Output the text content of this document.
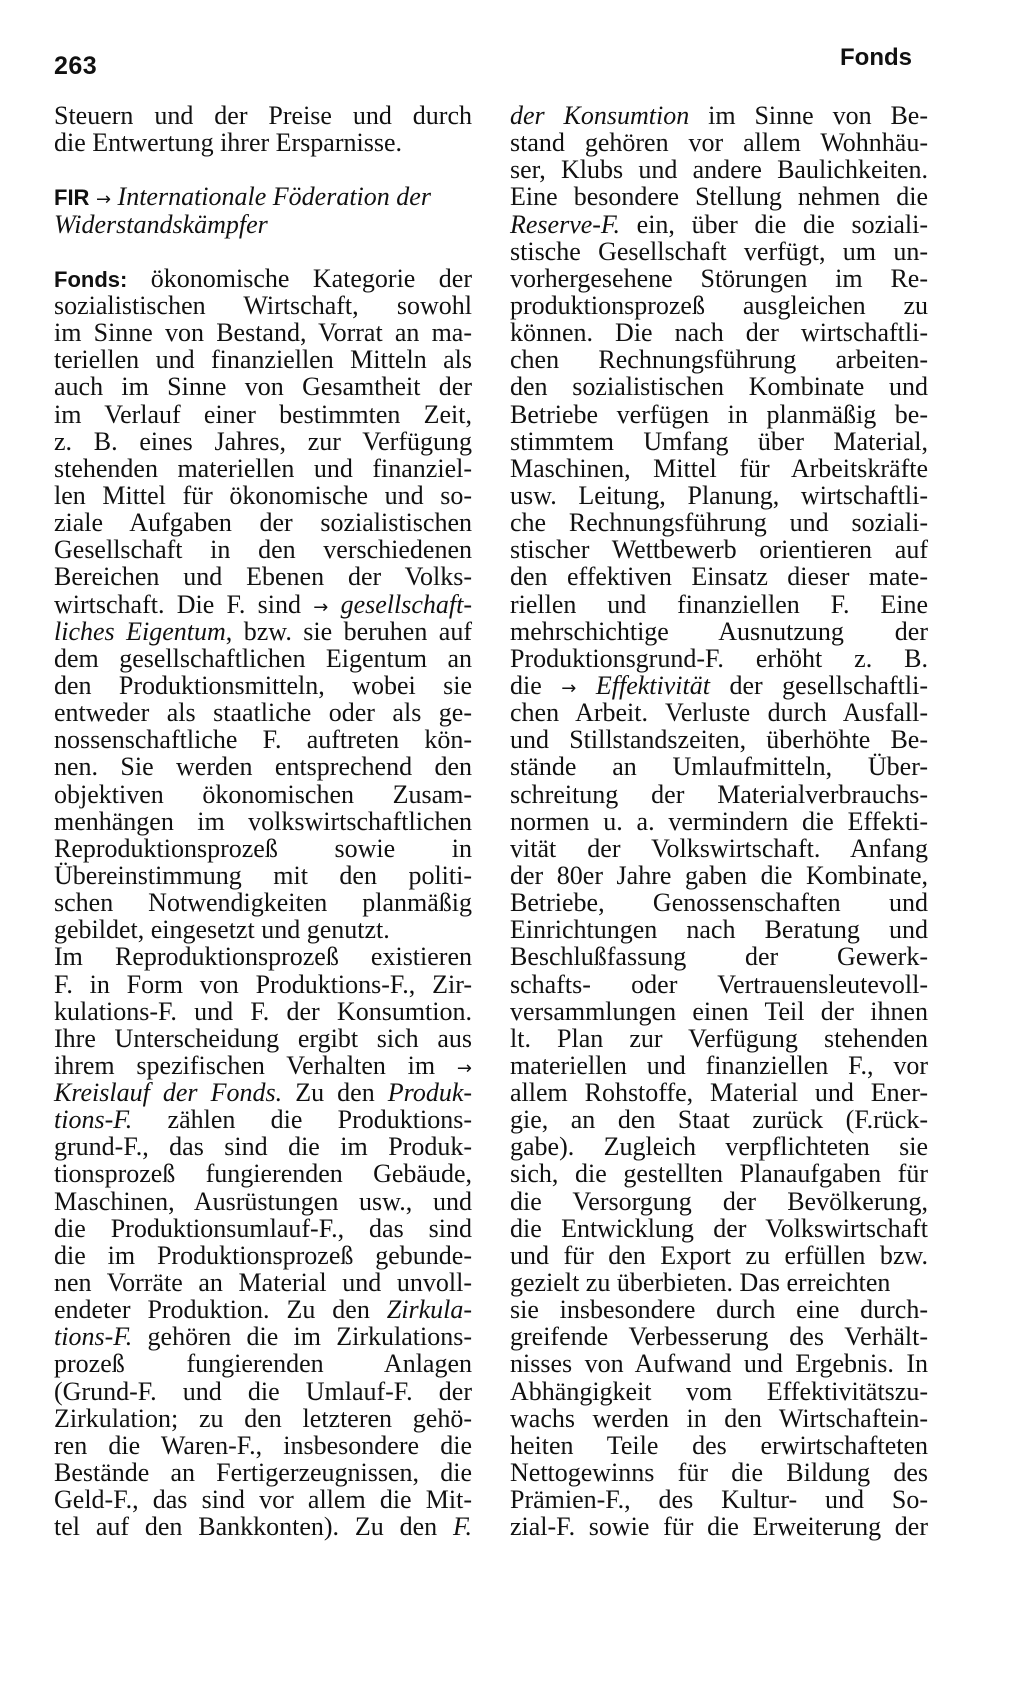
263	Fonds
Steuern und der Preise und durch
die Entwertung ihrer Ersparnisse.
FIR → Internationale Föderation der
Widerstandskämpfer
Fonds: ökonomische Kategorie der
sozialistischen Wirtschaft, sowohl
im Sinne von Bestand, Vorrat an ma-
teriellen und finanziellen Mitteln als
auch im Sinne von Gesamtheit der
im Verlauf einer bestimmten Zeit,
z. B. eines Jahres, zur Verfügung
stehenden materiellen und finanziel-
len Mittel für ökonomische und so-
ziale Aufgaben der sozialistischen
Gesellschaft in den verschiedenen
Bereichen und Ebenen der Volks-
wirtschaft. Die F. sind → gesellschaft-
liches Eigentum, bzw. sie beruhen auf
dem gesellschaftlichen Eigentum an
den Produktionsmitteln, wobei sie
entweder als staatliche oder als ge-
nossenschaftliche F. auftreten kön-
nen. Sie werden entsprechend den
objektiven ökonomischen Zusam-
menhängen im volkswirtschaftlichen
Reproduktionsprozeß sowie in
Übereinstimmung mit den politi-
schen Notwendigkeiten planmäßig
gebildet, eingesetzt und genutzt.
Im Reproduktionsprozeß existieren
F. in Form von Produktions-F., Zir-
kulations-F. und F. der Konsumtion.
Ihre Unterscheidung ergibt sich aus
ihrem spezifischen Verhalten im →
Kreislauf der Fonds. Zu den Produk-
tions-F. zählen die Produktions-
grund-F., das sind die im Produk-
tionsprozeß fungierenden Gebäude,
Maschinen, Ausrüstungen usw., und
die Produktionsumlauf-F., das sind
die im Produktionsprozeß gebunde-
nen Vorräte an Material und unvoll-
endeter Produktion. Zu den Zirkula-
tions-F. gehören die im Zirkulations-
prozeß fungierenden Anlagen
(Grund-F. und die Umlauf-F. der
Zirkulation; zu den letzteren gehö-
ren die Waren-F., insbesondere die
Bestände an Fertigerzeugnissen, die
Geld-F., das sind vor allem die Mit-
tel auf den Bankkonten). Zu den F.
der Konsumtion im Sinne von Be-
stand gehören vor allem Wohnhäu-
ser, Klubs und andere Baulichkeiten.
Eine besondere Stellung nehmen die
Reserve-F. ein, über die die soziali-
stische Gesellschaft verfügt, um un-
vorhergesehene Störungen im Re-
produktionsprozeß ausgleichen zu
können. Die nach der wirtschaftli-
chen Rechnungsführung arbeiten-
den sozialistischen Kombinate und
Betriebe verfügen in planmäßig be-
stimmtem Umfang über Material,
Maschinen, Mittel für Arbeitskräfte
usw. Leitung, Planung, wirtschaftli-
che Rechnungsführung und soziali-
stischer Wettbewerb orientieren auf
den effektiven Einsatz dieser mate-
riellen und finanziellen F. Eine
mehrschichtige Ausnutzung der
Produktionsgrund-F. erhöht z. B.
die → Effektivität der gesellschaftli-
chen Arbeit. Verluste durch Ausfall-
und Stillstandszeiten, überhöhte Be-
stände an Umlaufmitteln, Über-
schreitung der Materialverbrauchs-
normen u. a. vermindern die Effekti-
vität der Volkswirtschaft. Anfang
der 80er Jahre gaben die Kombinate,
Betriebe, Genossenschaften und
Einrichtungen nach Beratung und
Beschlußfassung der Gewerk-
schafts- oder Vertrauensleutevoll-
versammlungen einen Teil der ihnen
lt. Plan zur Verfügung stehenden
materiellen und finanziellen F., vor
allem Rohstoffe, Material und Ener-
gie, an den Staat zurück (F.rück-
gabe). Zugleich verpflichteten sie
sich, die gestellten Planaufgaben für
die Versorgung der Bevölkerung,
die Entwicklung der Volkswirtschaft
und für den Export zu erfüllen bzw.
gezielt zu überbieten. Das erreichten
sie insbesondere durch eine durch-
greifende Verbesserung des Verhält-
nisses von Aufwand und Ergebnis. In
Abhängigkeit vom Effektivitätszu-
wachs werden in den Wirtschaftein-
heiten Teile des erwirtschafteten
Nettogewinns für die Bildung des
Prämien-F., des Kultur- und So-
zial-F. sowie für die Erweiterung der
